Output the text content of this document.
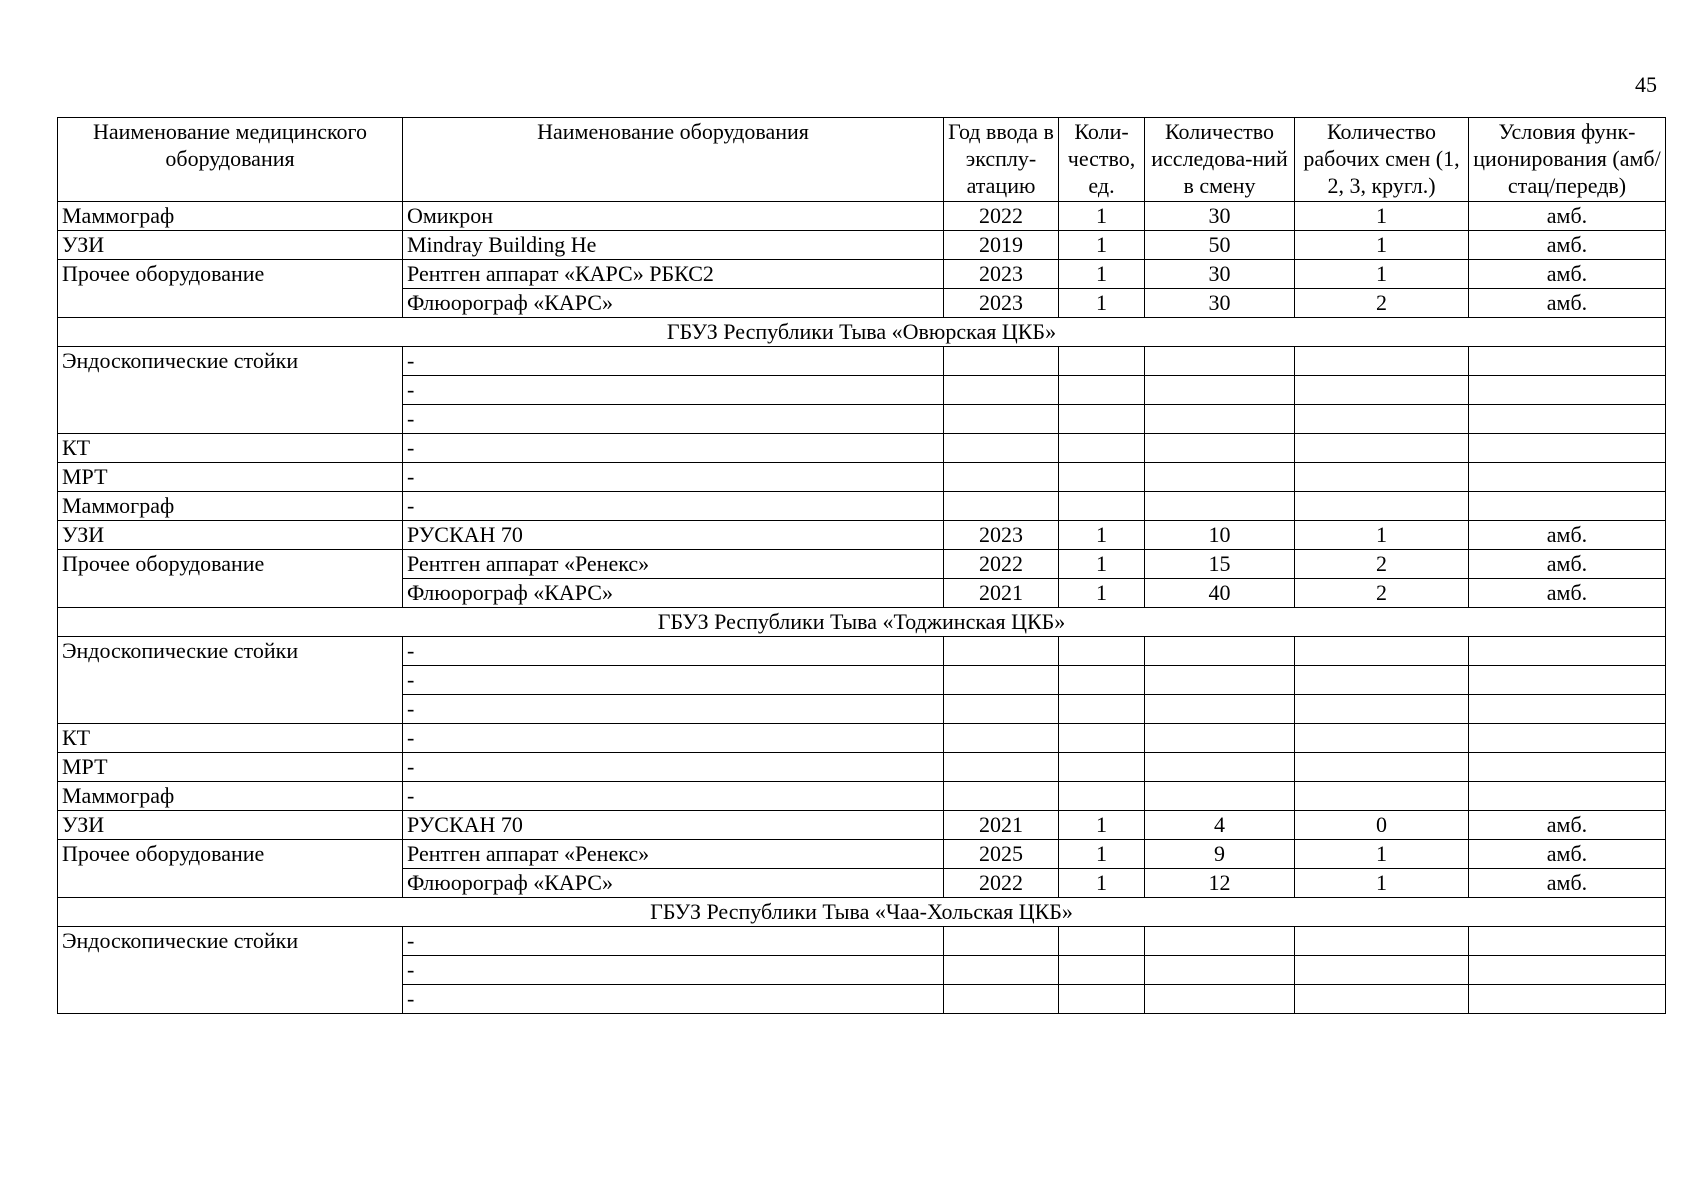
45
Наименование медицинского оборудования	Наименование оборудования	Год ввода в эксплу-атацию	Коли-чество, ед.	Количество исследова-ний в смену	Количество рабочих смен (1, 2, 3, кругл.)	Условия функ-ционирования (амб/стац/передв)
Маммограф	Омикрон	2022	1	30	1	амб.
УЗИ	Mindray Building He	2019	1	50	1	амб.
Прочее оборудование	Рентген аппарат «КАРС» РБКС2	2023	1	30	1	амб.
	Флюорограф «КАРС»	2023	1	30	2	амб.
ГБУЗ Республики Тыва «Овюрская ЦКБ»						
Эндоскопические стойки	-					
	-					
	-					
КТ	-					
МРТ	-					
Маммограф	-					
УЗИ	РУСКАН 70	2023	1	10	1	амб.
Прочее оборудование	Рентген аппарат «Ренекс»	2022	1	15	2	амб.
	Флюорограф «КАРС»	2021	1	40	2	амб.
ГБУЗ Республики Тыва «Тоджинская ЦКБ»						
Эндоскопические стойки	-					
	-					
	-					
КТ	-					
МРТ	-					
Маммограф	-					
УЗИ	РУСКАН 70	2021	1	4	0	амб.
Прочее оборудование	Рентген аппарат «Ренекс»	2025	1	9	1	амб.
	Флюорограф «КАРС»	2022	1	12	1	амб.
ГБУЗ Республики Тыва «Чаа-Хольская ЦКБ»						
Эндоскопические стойки	-					
	-					
	-					
